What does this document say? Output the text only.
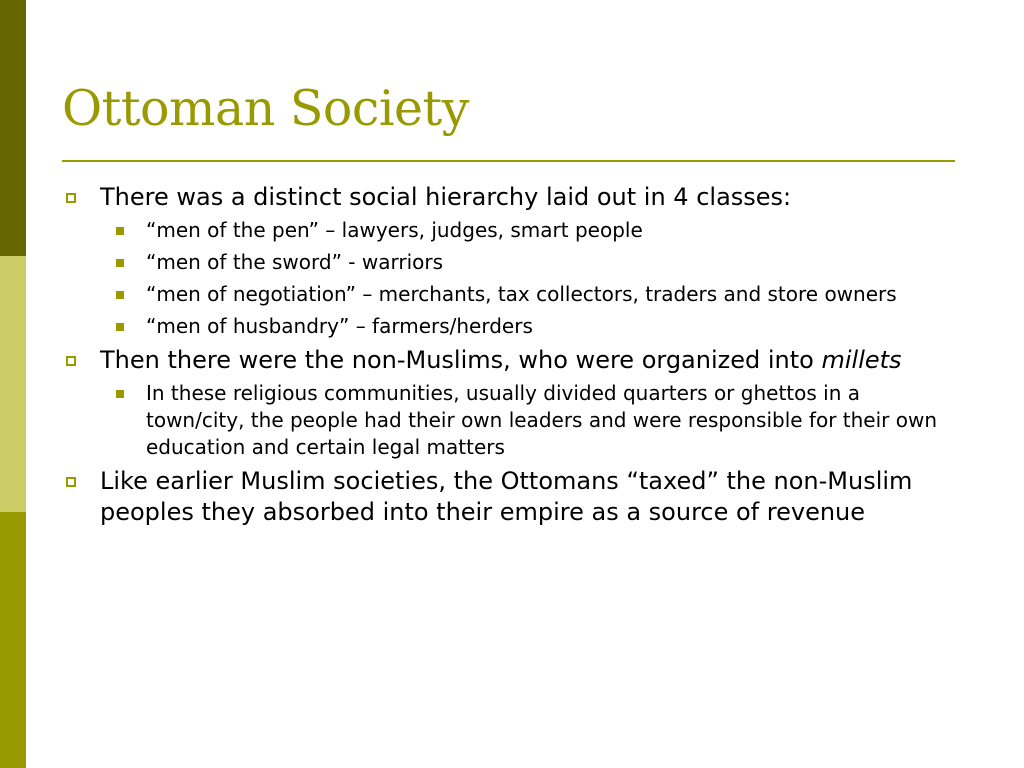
Ottoman Society
There was a distinct social hierarchy laid out in 4 classes:
“men of the pen” – lawyers, judges, smart people
“men of the sword” - warriors
“men of negotiation” – merchants, tax collectors, traders and store owners
“men of husbandry” – farmers/herders
Then there were the non-Muslims, who were organized into millets
In these religious communities, usually divided quarters or ghettos in a town/city, the people had their own leaders and were responsible for their own education and certain legal matters
Like earlier Muslim societies, the Ottomans “taxed” the non-Muslim peoples they absorbed into their empire as a source of revenue
